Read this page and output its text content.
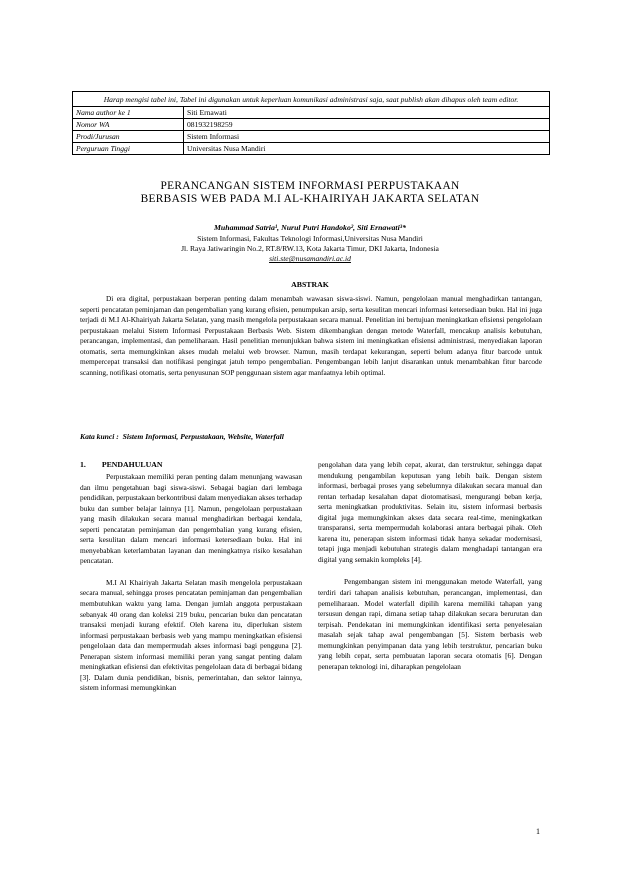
Harap mengisi tabel ini, Tabel ini digunakan untuk keperluan komunikasi administrasi saja, saat publish akan dihapus oleh team editor.	
Nama author ke 1	Siti Ernawati
Nomor WA	081932198259
Prodi/Jurusan	Sistem Informasi
Perguruan Tinggi	Universitas Nusa Mandiri
PERANCANGAN SISTEM INFORMASI PERPUSTAKAAN
BERBASIS WEB PADA M.I AL-KHAIRIYAH JAKARTA SELATAN
Muhammad Satria¹, Nurul Putri Handoko², Siti Ernawati³*
Sistem Informasi, Fakultas Teknologi Informasi,Universitas Nusa Mandiri
Jl. Raya Jatiwaringin No.2, RT.8/RW.13, Kota Jakarta Timur, DKI Jakarta, Indonesia
siti.ste@nusamandiri.ac.id
ABSTRAK

Di era digital, perpustakaan berperan penting dalam menambah wawasan siswa-siswi. Namun, pengelolaan manual menghadirkan tantangan, seperti pencatatan peminjaman dan pengembalian yang kurang efisien, penumpukan arsip, serta kesulitan mencari informasi ketersediaan buku. Hal ini juga terjadi di M.I Al-Khairiyah Jakarta Selatan, yang masih mengelola perpustakaan secara manual. Penelitian ini bertujuan meningkatkan efisiensi pengelolaan perpustakaan melalui Sistem Informasi Perpustakaan Berbasis Web. Sistem dikembangkan dengan metode Waterfall, mencakup analisis kebutuhan, perancangan, implementasi, dan pemeliharaan. Hasil penelitian menunjukkan bahwa sistem ini meningkatkan efisiensi administrasi, menyediakan laporan otomatis, serta memungkinkan akses mudah melalui web browser. Namun, masih terdapat kekurangan, seperti belum adanya fitur barcode untuk mempercepat transaksi dan notifikasi pengingat jatuh tempo pengembalian. Pengembangan lebih lanjut disarankan untuk menambahkan fitur barcode scanning, notifikasi otomatis, serta penyusunan SOP penggunaan sistem agar manfaatnya lebih optimal.

Kata kunci : Sistem Informasi, Perpustakaan, Website, Waterfall
1. PENDAHULUAN

Perpustakaan memiliki peran penting dalam menunjang wawasan dan ilmu pengetahuan bagi siswa-siswi. Sebagai bagian dari lembaga pendidikan, perpustakaan berkontribusi dalam menyediakan akses terhadap buku dan sumber belajar lainnya [1]. Namun, pengelolaan perpustakaan yang masih dilakukan secara manual menghadirkan berbagai kendala, seperti pencatatan peminjaman dan pengembalian yang kurang efisien, serta kesulitan dalam mencari informasi ketersediaan buku. Hal ini menyebabkan keterlambatan layanan dan meningkatnya risiko kesalahan pencatatan.

M.I Al Khairiyah Jakarta Selatan masih mengelola perpustakaan secara manual, sehingga proses pencatatan peminjaman dan pengembalian membutuhkan waktu yang lama. Dengan jumlah anggota perpustakaan sebanyak 40 orang dan koleksi 219 buku, pencarian buku dan pencatatan transaksi menjadi kurang efektif. Oleh karena itu, diperlukan sistem informasi perpustakaan berbasis web yang mampu meningkatkan efisiensi pengelolaan data dan mempermudah akses informasi bagi pengguna [2]. Penerapan sistem informasi memiliki peran yang sangat penting dalam meningkatkan efisiensi dan efektivitas pengelolaan data di berbagai bidang [3]. Dalam dunia pendidikan, bisnis, pemerintahan, dan sektor lainnya, sistem informasi memungkinkan

pengolahan data yang lebih cepat, akurat, dan terstruktur, sehingga dapat mendukung pengambilan keputusan yang lebih baik. Dengan sistem informasi, berbagai proses yang sebelumnya dilakukan secara manual dan rentan terhadap kesalahan dapat diotomatisasi, mengurangi beban kerja, serta meningkatkan produktivitas. Selain itu, sistem informasi berbasis digital juga memungkinkan akses data secara real-time, meningkatkan transparansi, serta mempermudah kolaborasi antara berbagai pihak. Oleh karena itu, penerapan sistem informasi tidak hanya sekadar modernisasi, tetapi juga menjadi kebutuhan strategis dalam menghadapi tantangan era digital yang semakin kompleks [4].

Pengembangan sistem ini menggunakan metode Waterfall, yang terdiri dari tahapan analisis kebutuhan, perancangan, implementasi, dan pemeliharaan. Model waterfall dipilih karena memiliki tahapan yang tersusun dengan rapi, dimana setiap tahap dilakukan secara berurutan dan terpisah. Pendekatan ini memungkinkan identifikasi serta penyelesaian masalah sejak tahap awal pengembangan [5]. Sistem berbasis web memungkinkan penyimpanan data yang lebih terstruktur, pencarian buku yang lebih cepat, serta pembuatan laporan secara otomatis [6]. Dengan penerapan teknologi ini, diharapkan pengelolaan

1
